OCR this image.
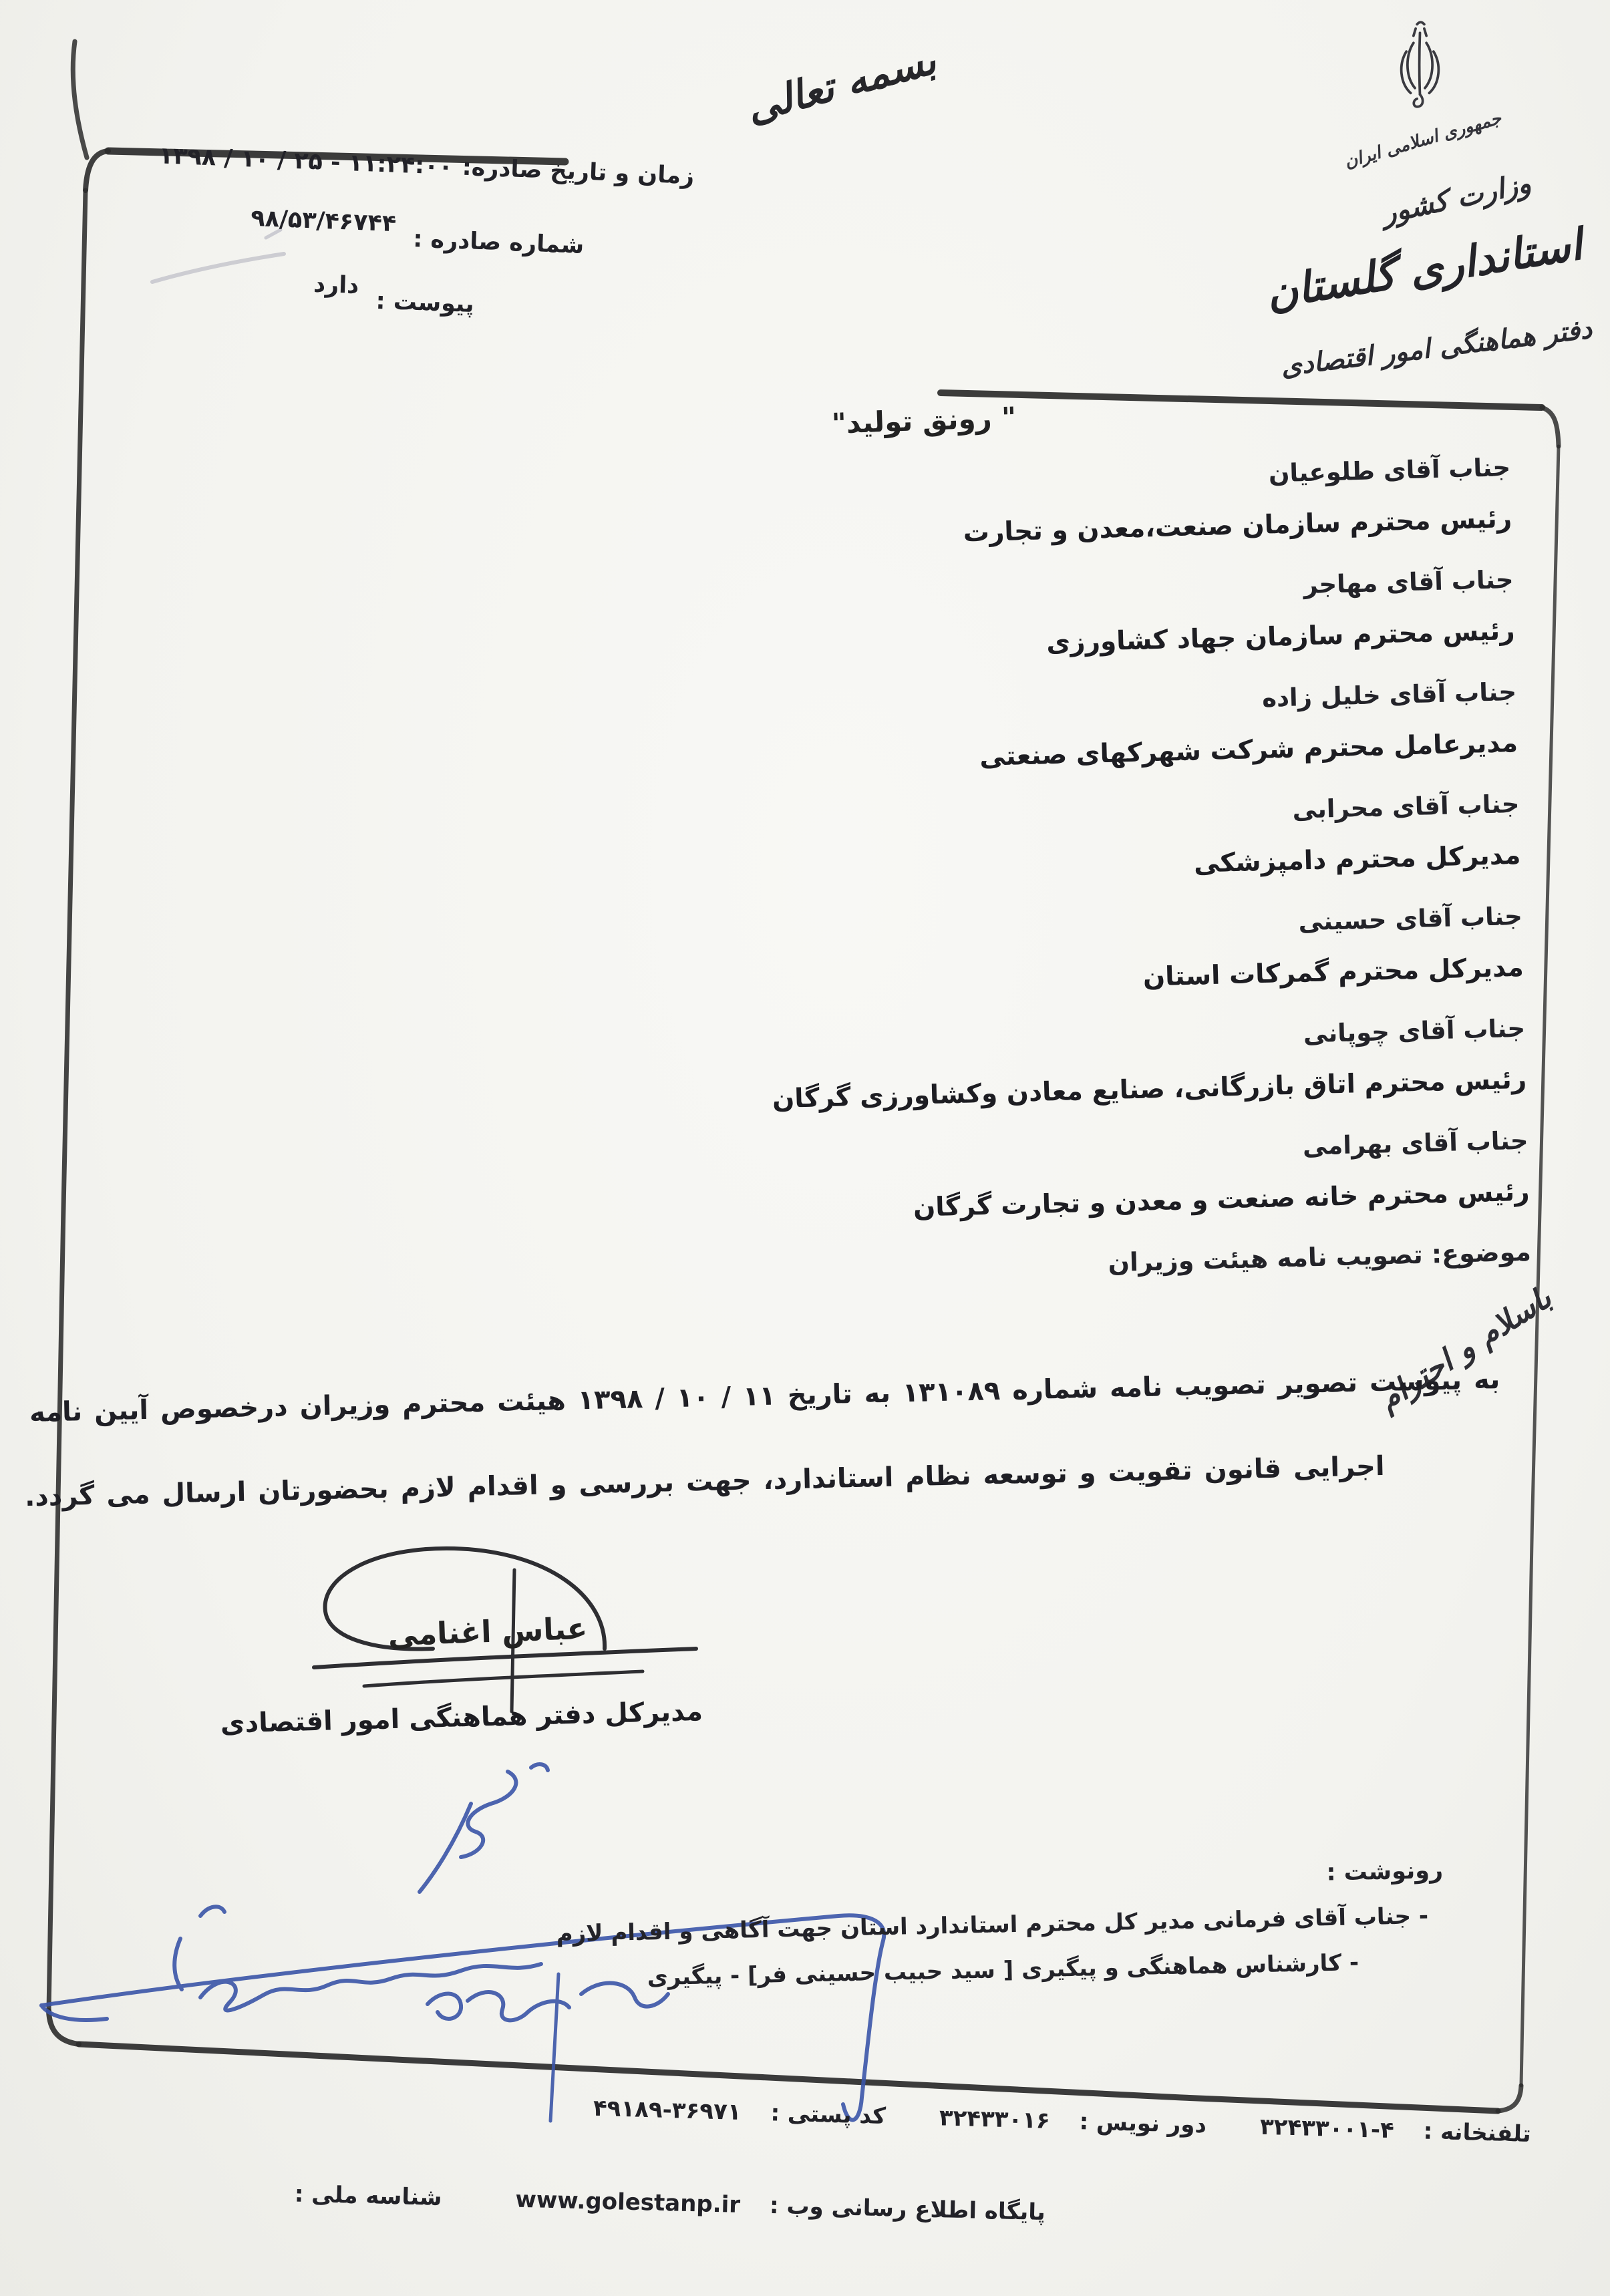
بسمه تعالی
جمهوری اسلامی ایران
وزارت کشور
استانداری گلستان
دفتر هماهنگی امور اقتصادی
زمان و تاریخ صادره:۱۳۹۸ / ۱۰ / ۲۵ - ۱۱:۲۴:۰۰
شماره صادره : ۹۸/۵۳/۴۶۷۴۴
پیوست : دارد
" رونق تولید"
جناب آقای طلوعیان
رئیس محترم سازمان صنعت،معدن و تجارت
جناب آقای مهاجر
رئیس محترم سازمان جهاد کشاورزی
جناب آقای خلیل زاده
مدیرعامل محترم شرکت شهرکهای صنعتی
جناب آقای محرابی
مدیرکل محترم دامپزشکی
جناب آقای حسینی
مدیرکل محترم گمرکات استان
جناب آقای چوپانی
رئیس محترم اتاق بازرگانی، صنایع معادن وکشاورزی گرگان
جناب آقای بهرامی
رئیس محترم خانه صنعت و معدن و تجارت گرگان
موضوع: تصویب نامه هیئت وزیران
باسلام و احترام
به پیوست تصویر تصویب نامه شماره ۱۳۱۰۸۹ به تاریخ ۱۱ / ۱۰ / ۱۳۹۸ هیئت محترم وزیران درخصوص آیین نامه
اجرایی قانون تقویت و توسعه نظام استاندارد، جهت بررسی و اقدام لازم بحضورتان ارسال می گردد.
عباس اغنامی
مدیرکل دفتر هماهنگی امور اقتصادی
رونوشت :
- جناب آقای فرمانی مدیر کل محترم استاندارد استان جهت آگاهی و اقدام لازم
- کارشناس هماهنگی و پیگیری [ سید حبیب حسینی فر] - پیگیری
تلفنخانه :
۳۲۴۳۳۰۰۱-۴
دور نویس :
۳۲۴۳۳۰۱۶
کد پستی :
۴۹۱۸۹-۳۶۹۷۱
پایگاه اطلاع رسانی وب :
www.golestanp.ir
شناسه ملی :
